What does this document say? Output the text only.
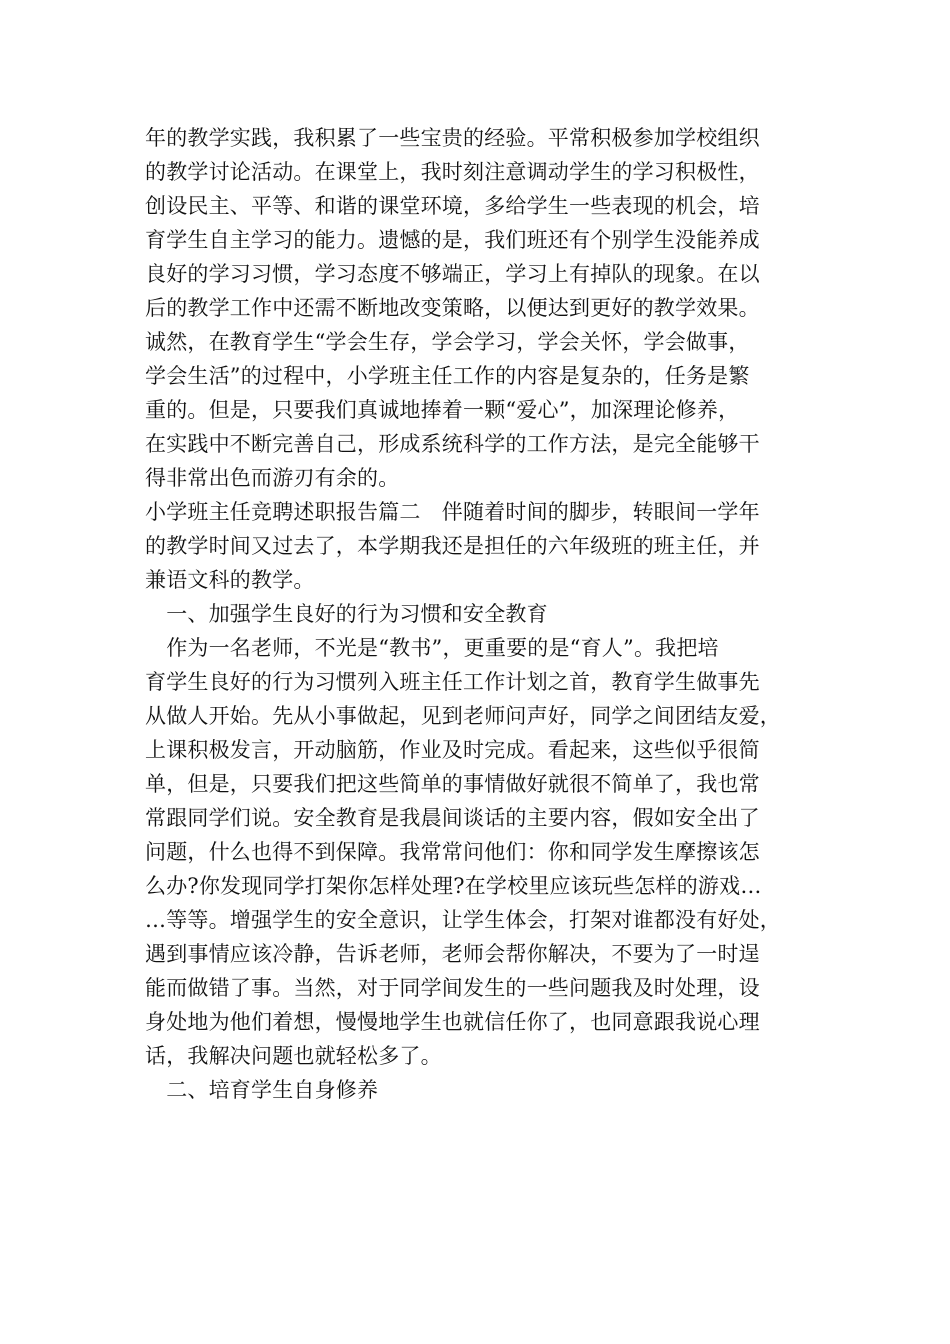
年的教学实践，我积累了一些宝贵的经验。平常积极参加学校组织
的教学讨论活动。在课堂上，我时刻注意调动学生的学习积极性，
创设民主、平等、和谐的课堂环境，多给学生一些表现的机会，培
育学生自主学习的能力。遗憾的是，我们班还有个别学生没能养成
良好的学习习惯，学习态度不够端正，学习上有掉队的现象。在以
后的教学工作中还需不断地改变策略，以便达到更好的教学效果。
诚然，在教育学生“学会生存，学会学习，学会关怀，学会做事，
学会生活”的过程中，小学班主任工作的内容是复杂的，任务是繁
重的。但是，只要我们真诚地捧着一颗“爱心”，加深理论修养，
在实践中不断完善自己，形成系统科学的工作方法，是完全能够干
得非常出色而游刃有余的。
小学班主任竞聘述职报告篇二　伴随着时间的脚步，转眼间一学年
的教学时间又过去了，本学期我还是担任的六年级班的班主任，并
兼语文科的教学。
　一、加强学生良好的行为习惯和安全教育
　作为一名老师，不光是“教书”，更重要的是“育人”。我把培
育学生良好的行为习惯列入班主任工作计划之首，教育学生做事先
从做人开始。先从小事做起，见到老师问声好，同学之间团结友爱，
上课积极发言，开动脑筋，作业及时完成。看起来，这些似乎很简
单，但是，只要我们把这些简单的事情做好就很不简单了，我也常
常跟同学们说。安全教育是我晨间谈话的主要内容，假如安全出了
问题，什么也得不到保障。我常常问他们：你和同学发生摩擦该怎
么办?你发现同学打架你怎样处理?在学校里应该玩些怎样的游戏…
…等等。增强学生的安全意识，让学生体会，打架对谁都没有好处，
遇到事情应该冷静，告诉老师，老师会帮你解决，不要为了一时逞
能而做错了事。当然，对于同学间发生的一些问题我及时处理，设
身处地为他们着想，慢慢地学生也就信任你了，也同意跟我说心理
话，我解决问题也就轻松多了。
　二、培育学生自身修养
